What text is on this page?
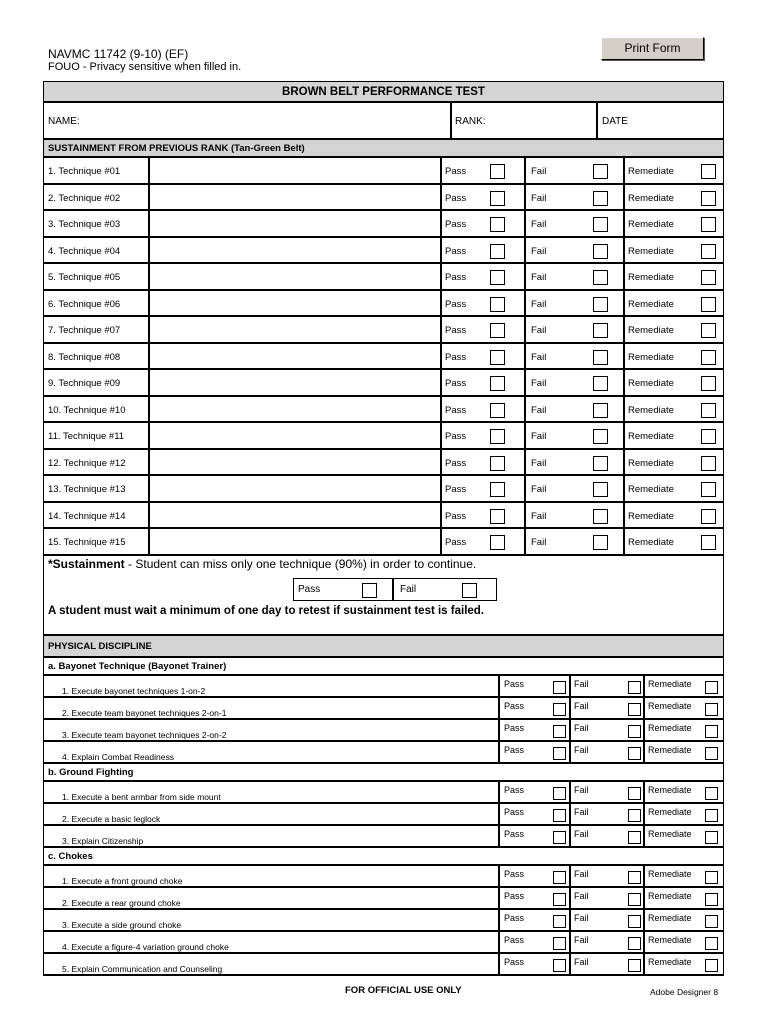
NAVMC 11742 (9-10) (EF)
FOUO - Privacy sensitive when filled in.
Print Form
BROWN BELT PERFORMANCE TEST
NAME:	RANK:	DATE
SUSTAINMENT FROM PREVIOUS RANK (Tan-Green Belt)
1. Technique #01	Pass	Fail	Remediate
2. Technique #02	Pass	Fail	Remediate
3. Technique #03	Pass	Fail	Remediate
4. Technique #04	Pass	Fail	Remediate
5. Technique #05	Pass	Fail	Remediate
6. Technique #06	Pass	Fail	Remediate
7. Technique #07	Pass	Fail	Remediate
8. Technique #08	Pass	Fail	Remediate
9. Technique #09	Pass	Fail	Remediate
10. Technique #10	Pass	Fail	Remediate
11. Technique #11	Pass	Fail	Remediate
12. Technique #12	Pass	Fail	Remediate
13. Technique #13	Pass	Fail	Remediate
14. Technique #14	Pass	Fail	Remediate
15. Technique #15	Pass	Fail	Remediate
*Sustainment - Student can miss only one technique (90%) in order to continue.
Pass	Fail
A student must wait a minimum of one day to retest if sustainment test is failed.
PHYSICAL DISCIPLINE
a. Bayonet Technique (Bayonet Trainer)
1. Execute bayonet techniques 1-on-2
Pass	Fail	Remediate
2. Execute team bayonet techniques 2-on-1
Pass	Fail	Remediate
3. Execute team bayonet techniques 2-on-2
Pass	Fail	Remediate
4. Explain Combat Readiness
Pass	Fail	Remediate
b. Ground Fighting
1. Execute a bent armbar from side mount
Pass	Fail	Remediate
2. Execute a basic leglock
Pass	Fail	Remediate
3. Explain Citizenship
Pass	Fail	Remediate
c. Chokes
1. Execute a front ground choke
Pass	Fail	Remediate
2. Execute a rear ground choke
Pass	Fail	Remediate
3. Execute a side ground choke
Pass	Fail	Remediate
4. Execute a figure-4 variation ground choke
Pass	Fail	Remediate
5. Explain Communication and Counseling
Pass	Fail	Remediate
FOR OFFICIAL USE ONLY	Adobe Designer 8
